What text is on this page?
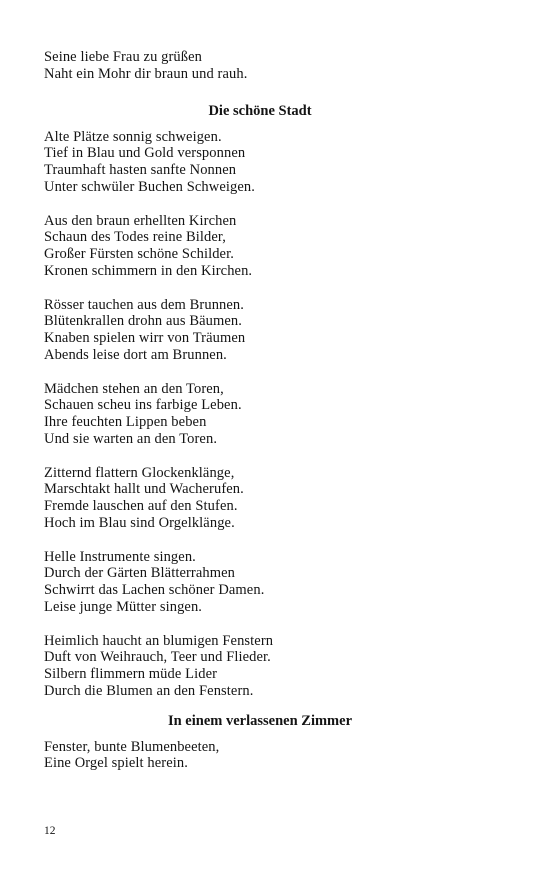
Seine liebe Frau zu grüßen
Naht ein Mohr dir braun und rauh.
Die schöne Stadt
Alte Plätze sonnig schweigen.
Tief in Blau und Gold versponnen
Traumhaft hasten sanfte Nonnen
Unter schwüler Buchen Schweigen.
Aus den braun erhellten Kirchen
Schaun des Todes reine Bilder,
Großer Fürsten schöne Schilder.
Kronen schimmern in den Kirchen.
Rösser tauchen aus dem Brunnen.
Blütenkrallen drohn aus Bäumen.
Knaben spielen wirr von Träumen
Abends leise dort am Brunnen.
Mädchen stehen an den Toren,
Schauen scheu ins farbige Leben.
Ihre feuchten Lippen beben
Und sie warten an den Toren.
Zitternd flattern Glockenklänge,
Marschtakt hallt und Wacherufen.
Fremde lauschen auf den Stufen.
Hoch im Blau sind Orgelklänge.
Helle Instrumente singen.
Durch der Gärten Blätterrahmen
Schwirrt das Lachen schöner Damen.
Leise junge Mütter singen.
Heimlich haucht an blumigen Fenstern
Duft von Weihrauch, Teer und Flieder.
Silbern flimmern müde Lider
Durch die Blumen an den Fenstern.
In einem verlassenen Zimmer
Fenster, bunte Blumenbeeten,
Eine Orgel spielt herein.
12
